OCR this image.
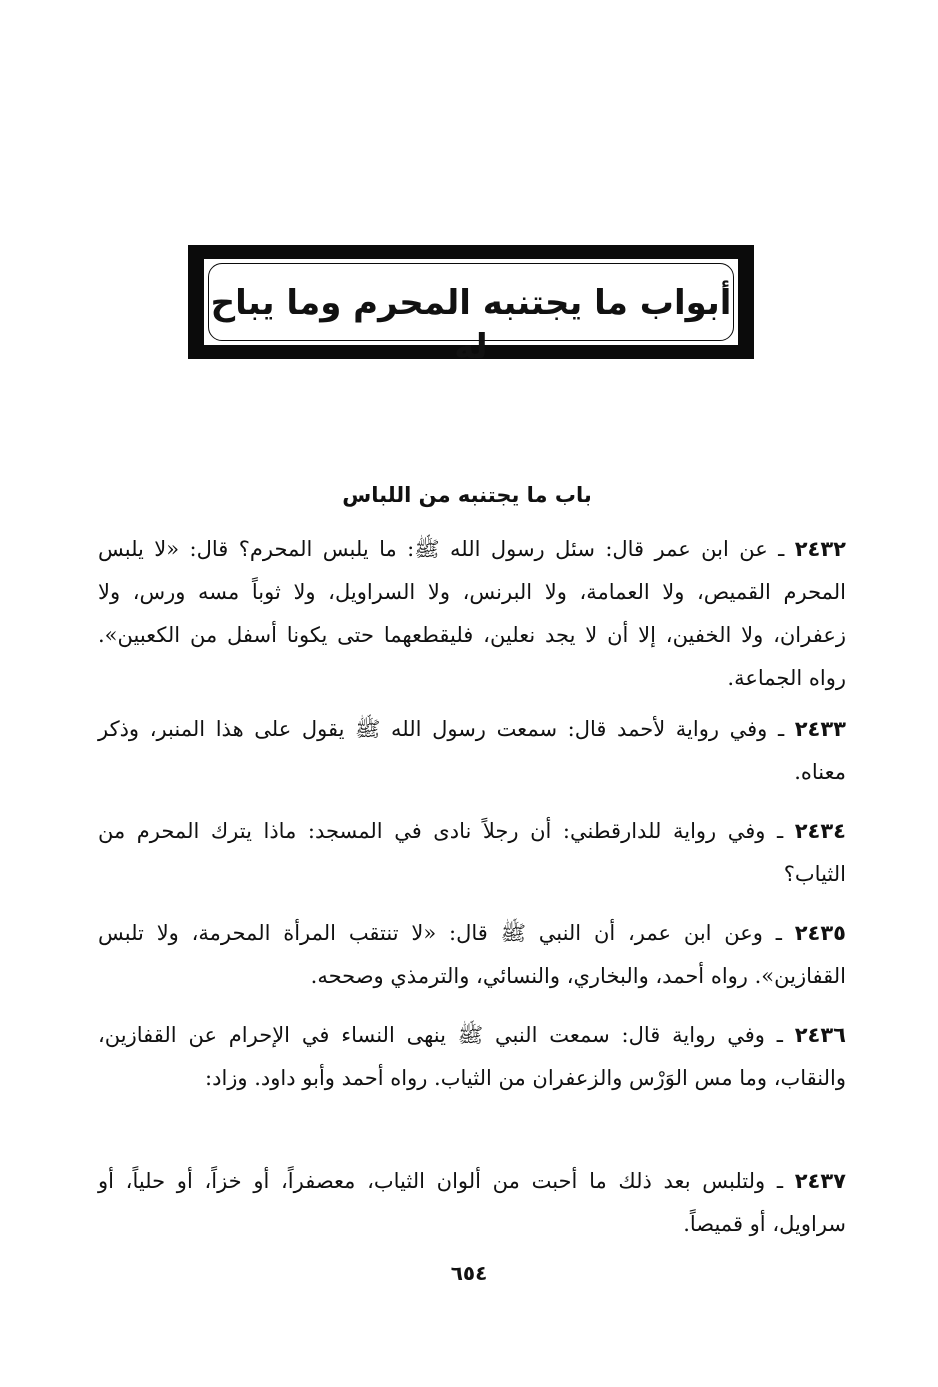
أبواب ما يجتنبه المحرم وما يباح له
باب ما يجتنبه من اللباس
٢٤٣٢ ـ عن ابن عمر قال: سئل رسول الله ﷺ: ما يلبس المحرم؟ قال: «لا يلبس المحرم القميص، ولا العمامة، ولا البرنس، ولا السراويل، ولا ثوباً مسه ورس، ولا زعفران، ولا الخفين، إلا أن لا يجد نعلين، فليقطعهما حتى يكونا أسفل من الكعبين». رواه الجماعة.
٢٤٣٣ ـ وفي رواية لأحمد قال: سمعت رسول الله ﷺ يقول على هذا المنبر، وذكر معناه.
٢٤٣٤ ـ وفي رواية للدارقطني: أن رجلاً نادى في المسجد: ماذا يترك المحرم من الثياب؟
٢٤٣٥ ـ وعن ابن عمر، أن النبي ﷺ قال: «لا تنتقب المرأة المحرمة، ولا تلبس القفازين». رواه أحمد، والبخاري، والنسائي، والترمذي وصححه.
٢٤٣٦ ـ وفي رواية قال: سمعت النبي ﷺ ينهى النساء في الإحرام عن القفازين، والنقاب، وما مس الوَرْس والزعفران من الثياب. رواه أحمد وأبو داود. وزاد:
٢٤٣٧ ـ ولتلبس بعد ذلك ما أحبت من ألوان الثياب، معصفراً، أو خزاً، أو حلياً، أو سراويل، أو قميصاً.
٦٥٤
